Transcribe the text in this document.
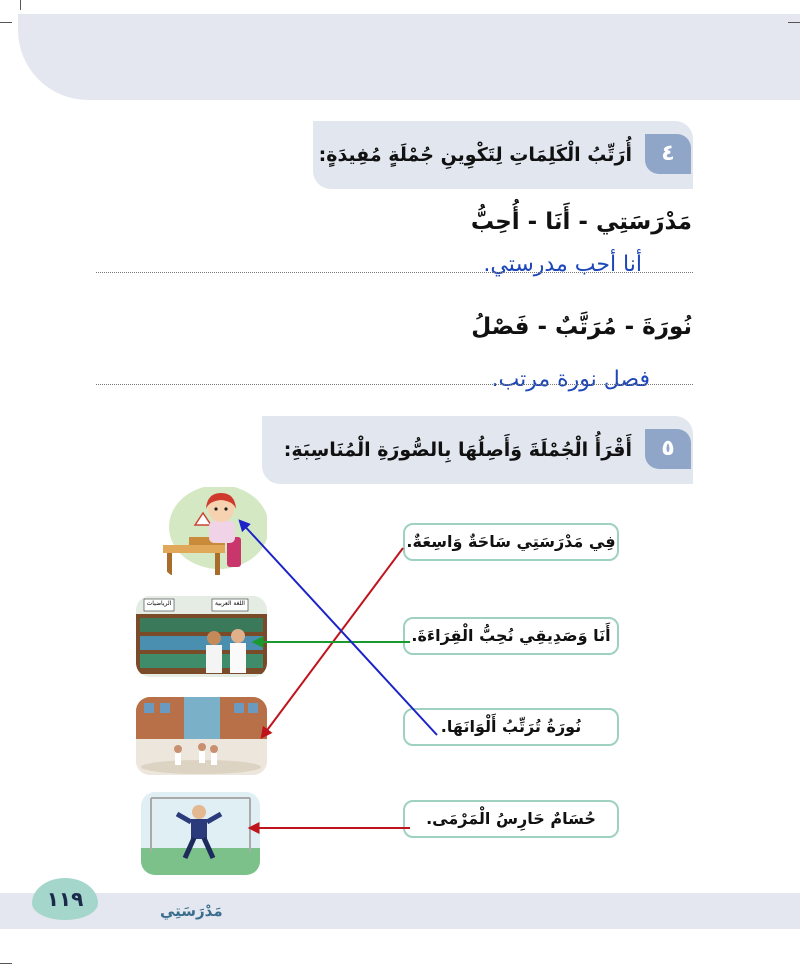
٤
أُرَتِّبُ الْكَلِمَاتِ لِتَكْوِينِ جُمْلَةٍ مُفِيدَةٍ:
مَدْرَسَتِي - أَنَا - أُحِبُّ
أنا أحب مدرستي.
نُورَةَ - مُرَتَّبٌ - فَصْلُ
فصل نورة مرتب.
٥
أَقْرَأُ الْجُمْلَةَ وَأَصِلُهَا بِالصُّورَةِ الْمُنَاسِبَةِ:
الرياضيات	اللغة العربية
فِي مَدْرَسَتِي سَاحَةٌ وَاسِعَةٌ.
أَنَا وَصَدِيقِي نُحِبُّ الْقِرَاءَةَ.
نُورَةُ تُرَتِّبُ أَلْوَانَهَا.
حُسَامٌ حَارِسُ الْمَرْمَى.
١١٩	مَدْرَسَتِي
